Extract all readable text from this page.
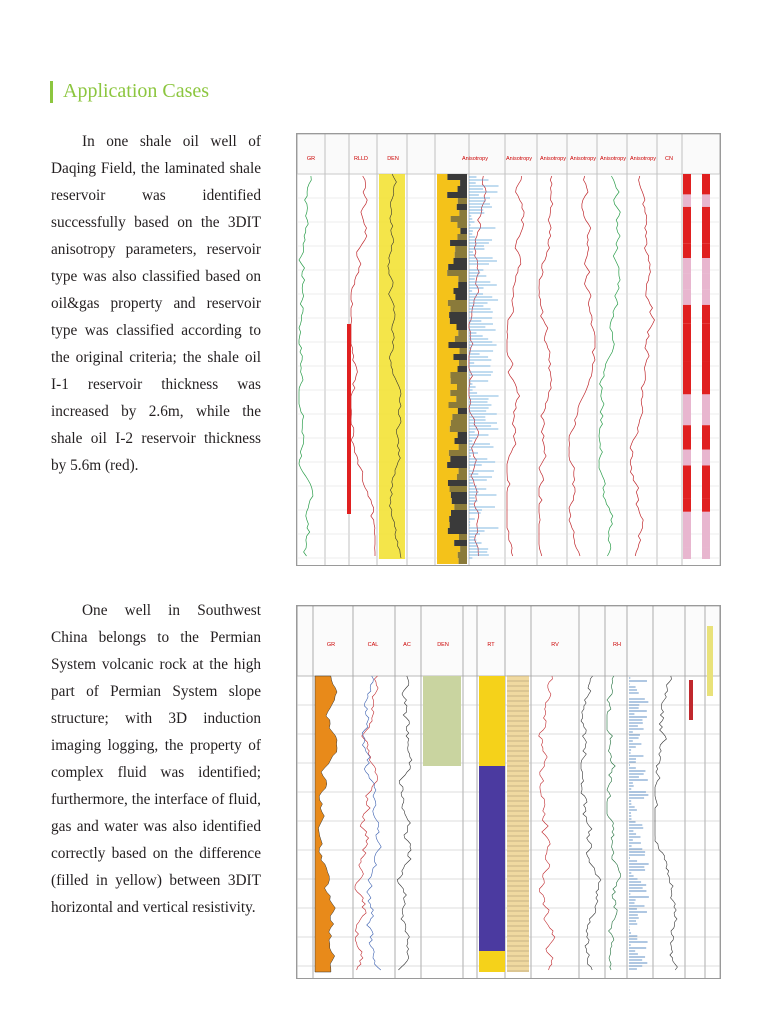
Application Cases

In one shale oil well of Daqing Field, the laminated shale reservoir was identified successfully based on the 3DIT anisotropy parameters, reservoir type was also classified based on oil&gas property and reservoir type was classified according to the original criteria; the shale oil I-1 reservoir thickness was increased by 2.6m, while the shale oil I-2 reservoir thickness by 5.6m (red).

GR	RLLD	DEN	Anisotropy	Anisotropy Anisotropy Anisotropy Anisotropy Anisotropy CN

One well in Southwest China belongs to the Permian System volcanic rock at the high part of Permian System slope structure; with 3D induction imaging logging, the property of complex fluid was identified; furthermore, the interface of fluid, gas and water was also identified correctly based on the difference (filled in yellow) between 3DIT horizontal and vertical resistivity.

GR	CAL	AC	DEN	RT	RV	RH
